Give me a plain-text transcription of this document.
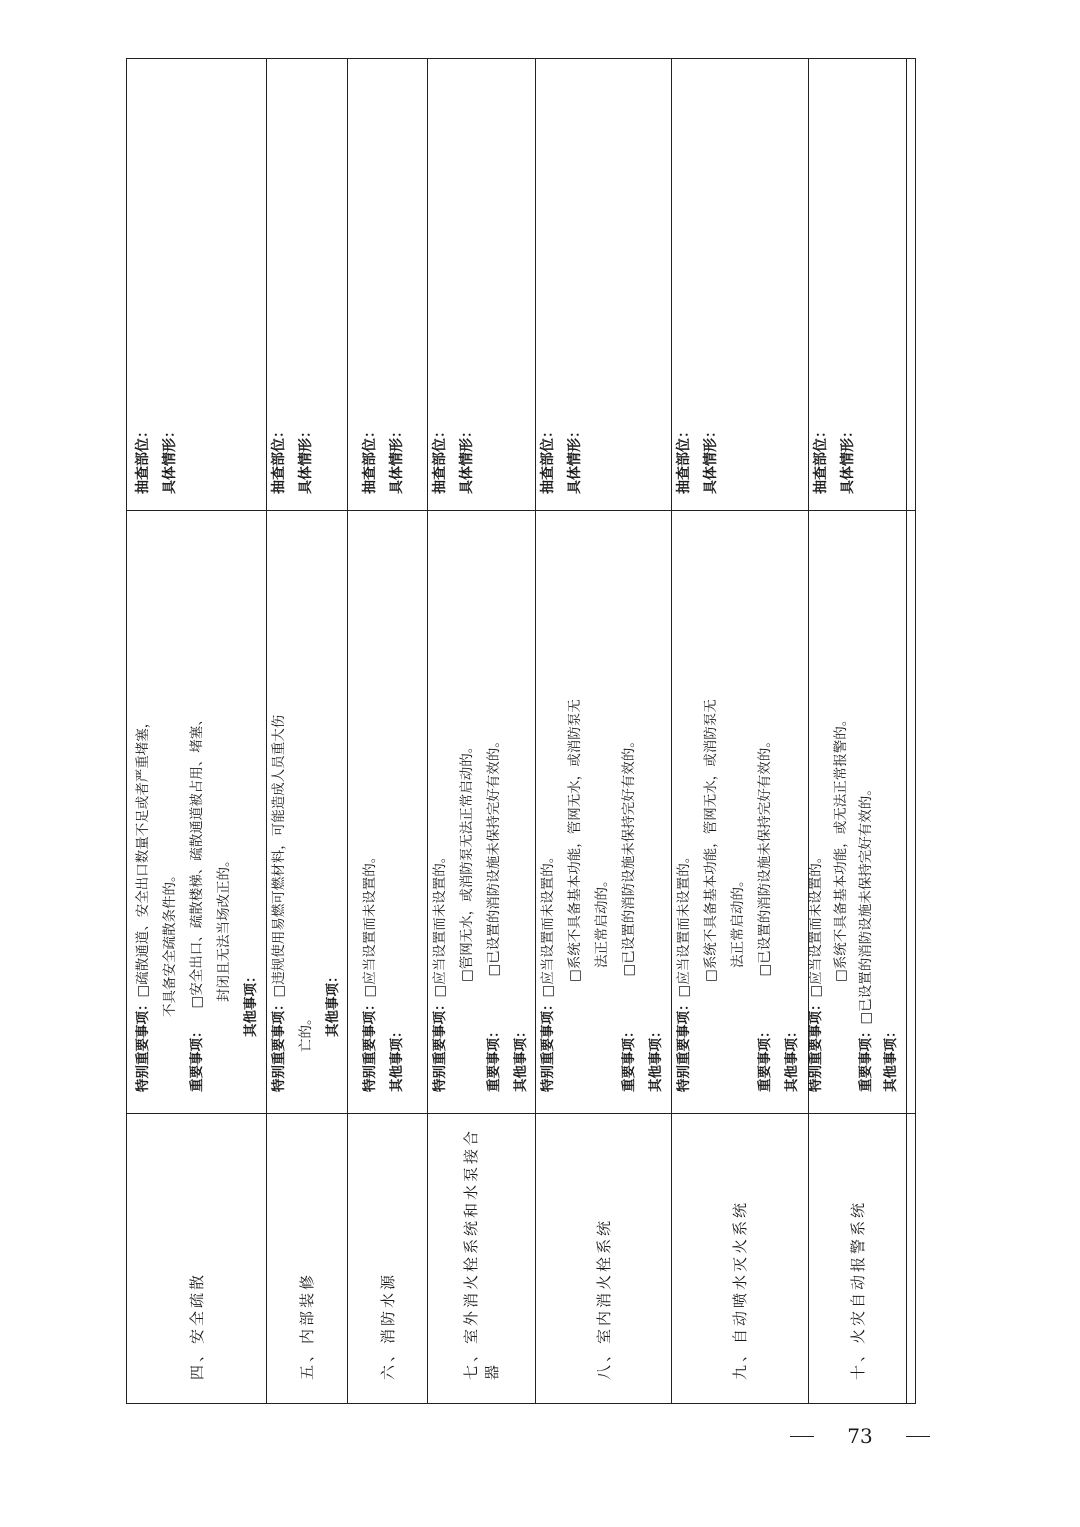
四、安全疏散
特别重要事项：□疏散通道、安全出口数量不足或者严重堵塞， 不具备安全疏散条件的。
重要事项：□安全出口、疏散楼梯、疏散通道被占用、堵塞、 封闭且无法当场改正的。
其他事项：
抽查部位： 具体情形：
五、内部装修
特别重要事项：□违规使用易燃可燃材料，可能造成人员重大伤
亡的。 其他事项：
抽查部位： 具体情形：
六、消防水源
特别重要事项：□应当设置而未设置的。
其他事项：
抽查部位： 具体情形：
七、室外消火栓系统和水泵接合器
特别重要事项：□应当设置而未设置的。 □管网无水，或消防泵无法正常启动的。
重要事项：□已设置的消防设施未保持完好有效的。
其他事项：
抽查部位： 具体情形：
八、室内消火栓系统
特别重要事项：□应当设置而未设置的。 □系统不具备基本功能，管网无水，或消防泵无 法正常启动的。
重要事项：□已设置的消防设施未保持完好有效的。
其他事项：
抽查部位： 具体情形：
九、自动喷水灭火系统
特别重要事项：□应当设置而未设置的。 □系统不具备基本功能，管网无水，或消防泵无 法正常启动的。
重要事项：□已设置的消防设施未保持完好有效的。
其他事项：
抽查部位： 具体情形：
十、火灾自动报警系统
特别重要事项：□应当设置而未设置的。 □系统不具备基本功能，或无法正常报警的。
重要事项：□已设置的消防设施未保持完好有效的。
其他事项：
抽查部位： 具体情形：
73
